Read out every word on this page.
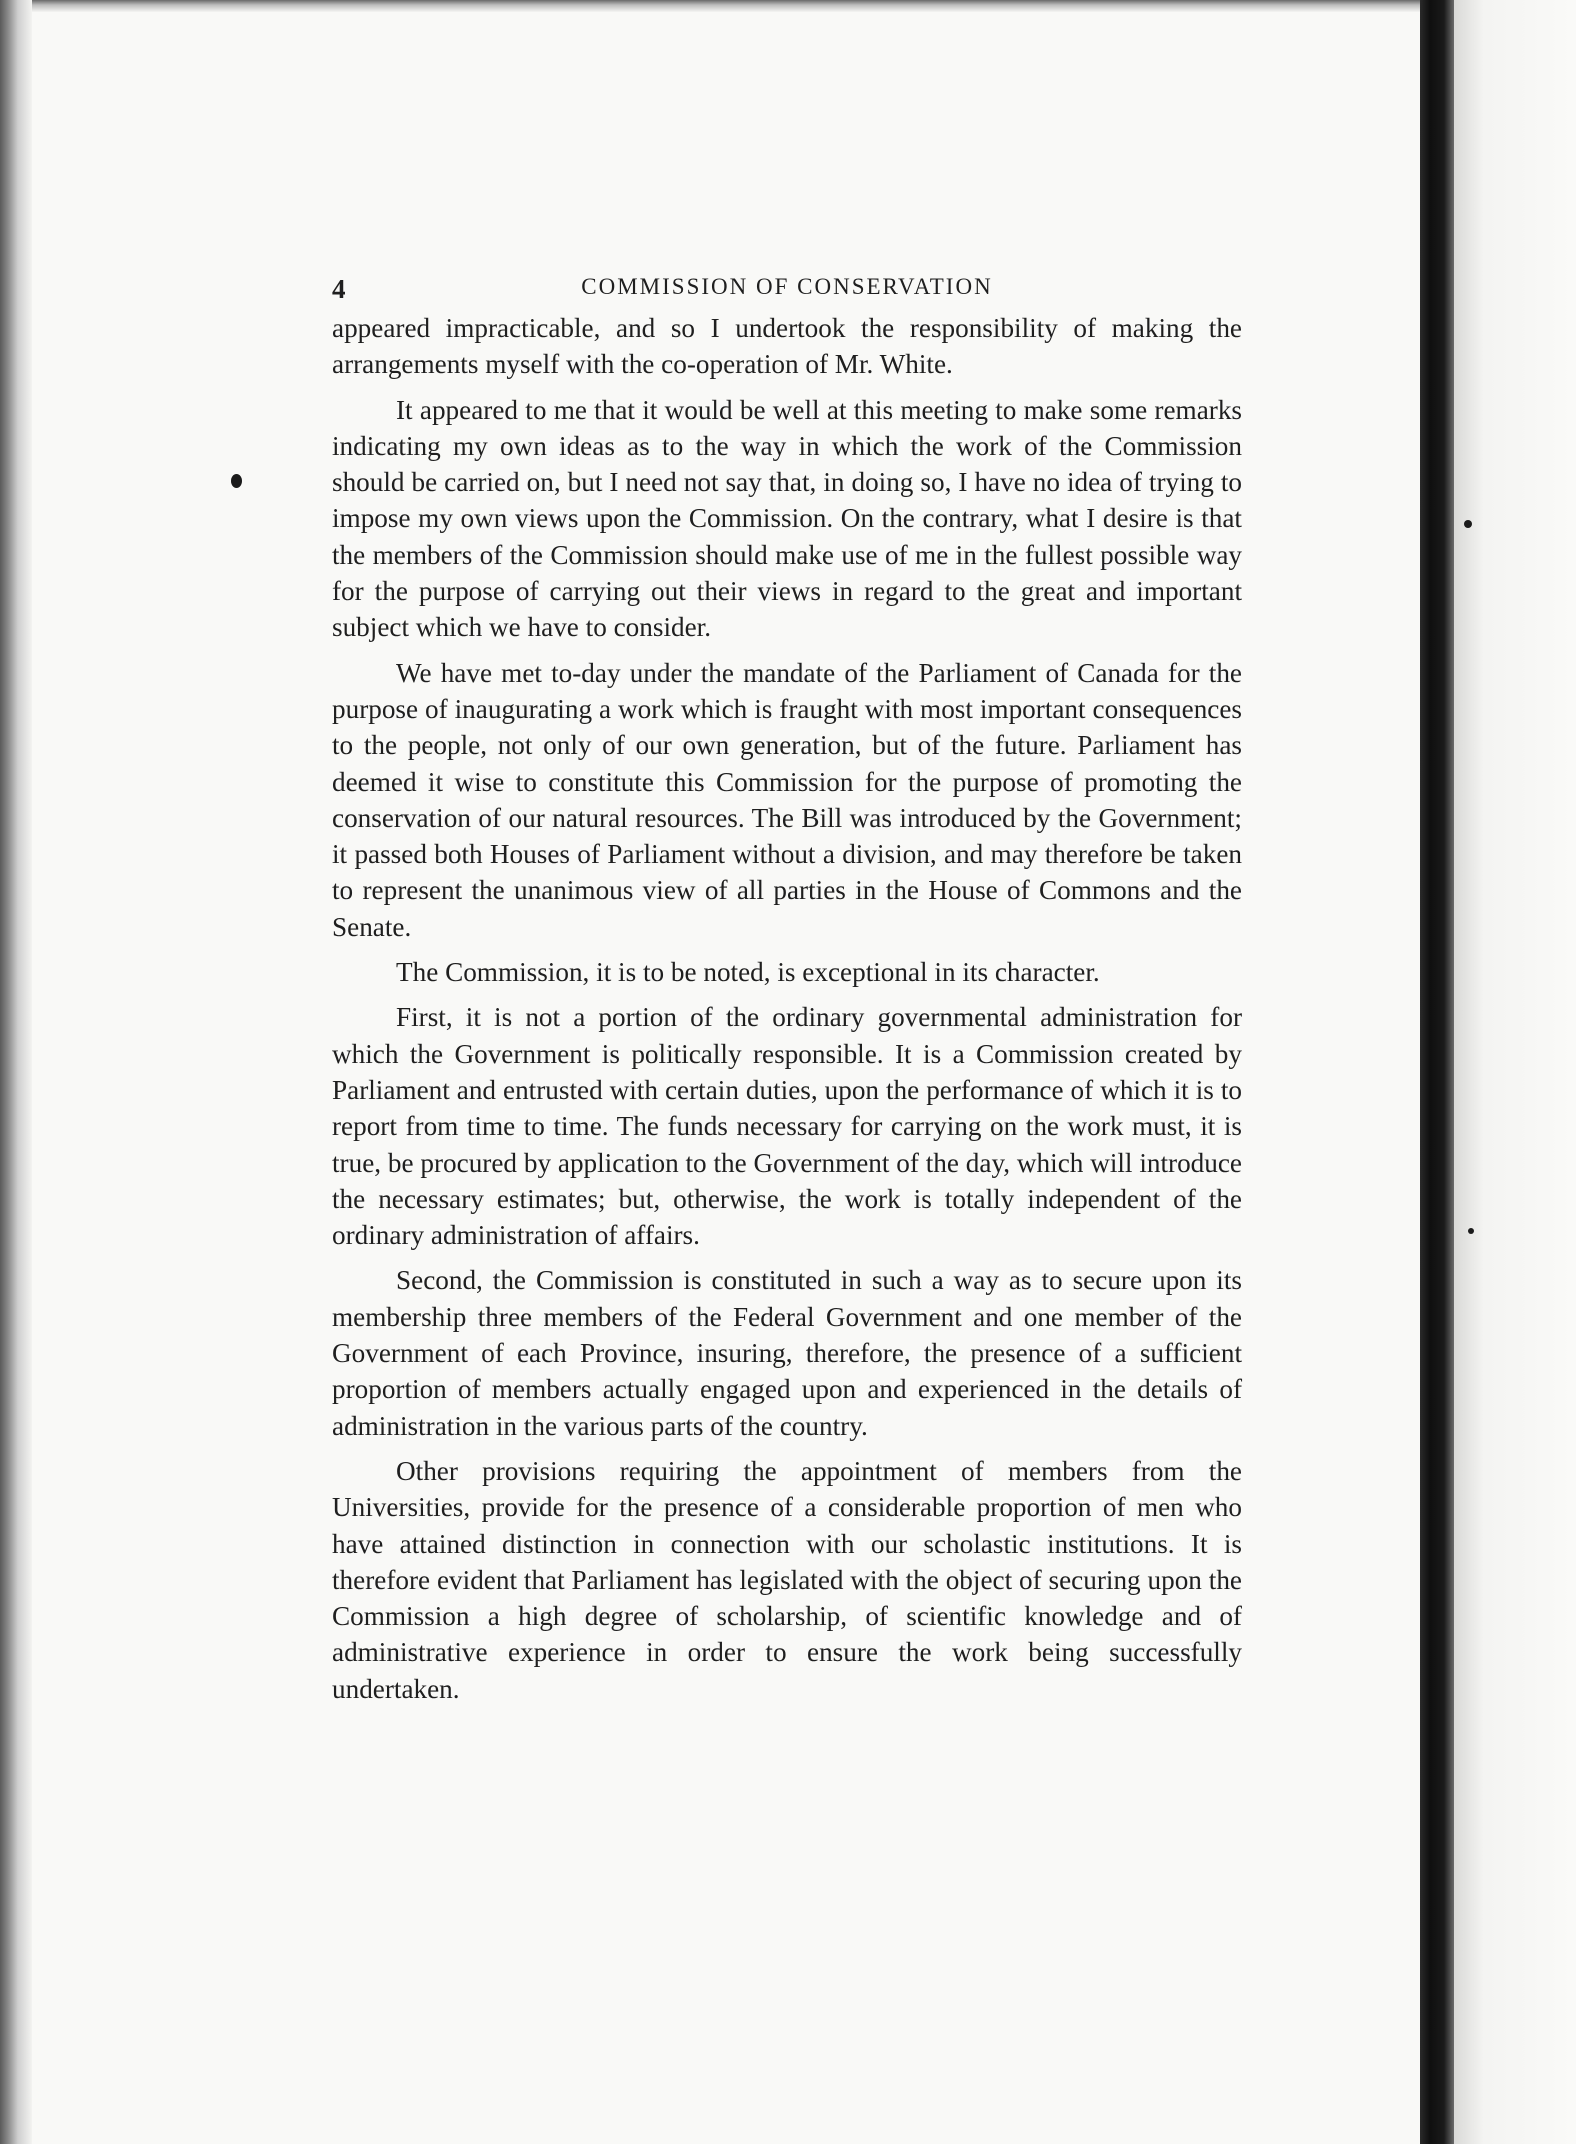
4	COMMISSION OF CONSERVATION

appeared impracticable, and so I undertook the responsibility of making the arrangements myself with the co-operation of Mr. White.

It appeared to me that it would be well at this meeting to make some remarks indicating my own ideas as to the way in which the work of the Commission should be carried on, but I need not say that, in doing so, I have no idea of trying to impose my own views upon the Commission. On the contrary, what I desire is that the members of the Commission should make use of me in the fullest possible way for the purpose of carrying out their views in regard to the great and important subject which we have to consider.

We have met to-day under the mandate of the Parliament of Canada for the purpose of inaugurating a work which is fraught with most important consequences to the people, not only of our own generation, but of the future. Parliament has deemed it wise to constitute this Commission for the purpose of promoting the conservation of our natural resources. The Bill was introduced by the Government; it passed both Houses of Parliament without a division, and may therefore be taken to represent the unanimous view of all parties in the House of Commons and the Senate.

The Commission, it is to be noted, is exceptional in its character.

First, it is not a portion of the ordinary governmental administration for which the Government is politically responsible. It is a Commission created by Parliament and entrusted with certain duties, upon the performance of which it is to report from time to time. The funds necessary for carrying on the work must, it is true, be procured by application to the Government of the day, which will introduce the necessary estimates; but, otherwise, the work is totally independent of the ordinary administration of affairs.

Second, the Commission is constituted in such a way as to secure upon its membership three members of the Federal Government and one member of the Government of each Province, insuring, therefore, the presence of a sufficient proportion of members actually engaged upon and experienced in the details of administration in the various parts of the country.

Other provisions requiring the appointment of members from the Universities, provide for the presence of a considerable proportion of men who have attained distinction in connection with our scholastic institutions. It is therefore evident that Parliament has legislated with the object of securing upon the Commission a high degree of scholarship, of scientific knowledge and of administrative experience in order to ensure the work being successfully undertaken.
